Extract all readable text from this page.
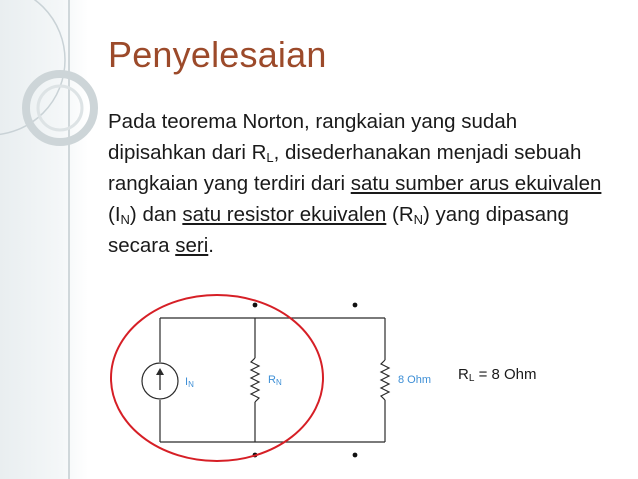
Penyelesaian
Pada teorema Norton, rangkaian yang sudah dipisahkan dari $R_L$, disederhanakan menjadi sebuah rangkaian yang terdiri dari satu sumber arus ekuivalen $(I_N)$ dan satu resistor ekuivalen $(R_N)$ yang dipasang secara seri.
IN	RN	8 Ohm $R_L = 8$ Ohm
